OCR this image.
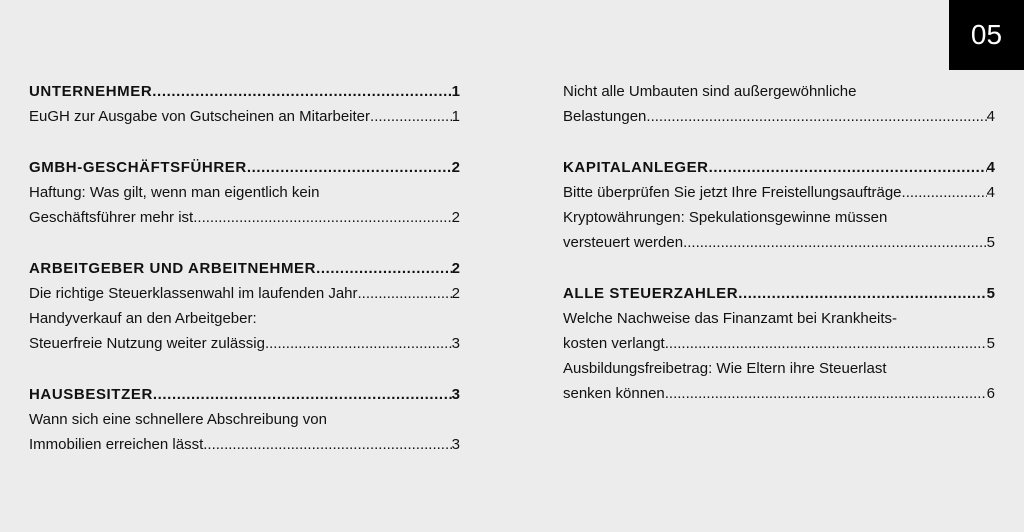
05
UNTERNEHMER .....	1
EuGH zur Ausgabe von Gutscheinen an Mitarbeiter .....	1
GMBH-GESCHÄFTSFÜHRER .....	2
Haftung: Was gilt, wenn man eigentlich kein
Geschäftsführer mehr ist .....	2
ARBEITGEBER UND ARBEITNEHMER .....	2
Die richtige Steuerklassenwahl im laufenden Jahr .....	2
Handyverkauf an den Arbeitgeber:
Steuerfreie Nutzung weiter zulässig .....	3
HAUSBESITZER .....	3
Wann sich eine schnellere Abschreibung von
Immobilien erreichen lässt .....	3
Nicht alle Umbauten sind außergewöhnliche
Belastungen .....	4
KAPITALANLEGER .....	4
Bitte überprüfen Sie jetzt Ihre Freistellungsaufträge .....	4
Kryptowährungen: Spekulationsgewinne müssen
versteuert werden .....	5
ALLE STEUERZAHLER .....	5
Welche Nachweise das Finanzamt bei Krankheits-
kosten verlangt .....	5
Ausbildungsfreibetrag: Wie Eltern ihre Steuerlast
senken können .....	6
